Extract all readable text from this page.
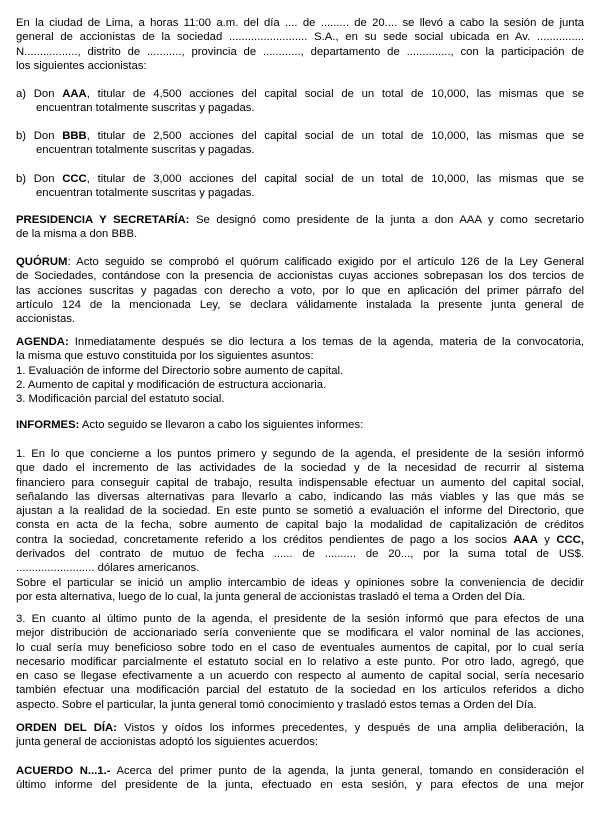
En la ciudad de Lima, a horas 11:00 a.m. del día .... de ......... de 20.... se llevó a cabo la sesión de junta
general de accionistas de la sociedad ......................... S.A., en su sede social ubicada en Av. ...............
N................., distrito de ..........., provincia de ............, departamento de .............., con la participación de
los siguientes accionistas:
a) Don AAA, titular de 4,500 acciones del capital social de un total de 10,000, las mismas que se
encuentran totalmente suscritas y pagadas.
b) Don BBB, titular de 2,500 acciones del capital social de un total de 10,000, las mismas que se
encuentran totalmente suscritas y pagadas.
b) Don CCC, titular de 3,000 acciones del capital social de un total de 10,000, las mismas que se
encuentran totalmente suscritas y pagadas.
PRESIDENCIA Y SECRETARÍA: Se designó como presidente de la junta a don AAA y como secretario
de la misma a don BBB.
QUÓRUM: Acto seguido se comprobó el quórum calificado exigido por el artículo 126 de la Ley General
de Sociedades, contándose con la presencia de accionistas cuyas acciones sobrepasan los dos tercios de
las acciones suscritas y pagadas con derecho a voto, por lo que en aplicación del primer párrafo del
artículo 124 de la mencionada Ley, se declara válidamente instalada la presente junta general de
accionistas.
AGENDA: Inmediatamente después se dio lectura a los temas de la agenda, materia de la convocatoria,
la misma que estuvo constituida por los siguientes asuntos:
1. Evaluación de informe del Directorio sobre aumento de capital.
2. Aumento de capital y modificación de estructura accionaria.
3. Modificación parcial del estatuto social.
INFORMES: Acto seguido se llevaron a cabo los siguientes informes:
1. En lo que concierne a los puntos primero y segundo de la agenda, el presidente de la sesión informó
que dado el incremento de las actividades de la sociedad y de la necesidad de recurrir al sistema
financiero para conseguir capital de trabajo, resulta indispensable efectuar un aumento del capital social,
señalando las diversas alternativas para llevarlo a cabo, indicando las más viables y las que más se
ajustan a la realidad de la sociedad. En este punto se sometió a evaluación el informe del Directorio, que
consta en acta de la fecha, sobre aumento de capital bajo la modalidad de capitalización de créditos
contra la sociedad, concretamente referido a los créditos pendientes de pago a los socios AAA y CCC,
derivados del contrato de mutuo de fecha ...... de .......... de 20..., por la suma total de US$.
......................... dólares americanos.
Sobre el particular se inició un amplio intercambio de ideas y opiniones sobre la conveniencia de decidir
por esta alternativa, luego de lo cual, la junta general de accionistas trasladó el tema a Orden del Día.
3. En cuanto al último punto de la agenda, el presidente de la sesión informó que para efectos de una
mejor distribución de accionariado sería conveniente que se modificara el valor nominal de las acciones,
lo cual sería muy beneficioso sobre todo en el caso de eventuales aumentos de capital, por lo cual sería
necesario modificar parcialmente el estatuto social en lo relativo a este punto. Por otro lado, agregó, que
en caso se llegase efectivamente a un acuerdo con respecto al aumento de capital social, sería necesario
también efectuar una modificación parcial del estatuto de la sociedad en los artículos referidos a dicho
aspecto. Sobre el particular, la junta general tomó conocimiento y trasladó estos temas a Orden del Día.
ORDEN DEL DÍA: Vistos y oídos los informes precedentes, y después de una amplia deliberación, la
junta general de accionistas adoptó los siguientes acuerdos:
ACUERDO N...1.- Acerca del primer punto de la agenda, la junta general, tomando en consideración el
último informe del presidente de la junta, efectuado en esta sesión, y para efectos de una mejor
